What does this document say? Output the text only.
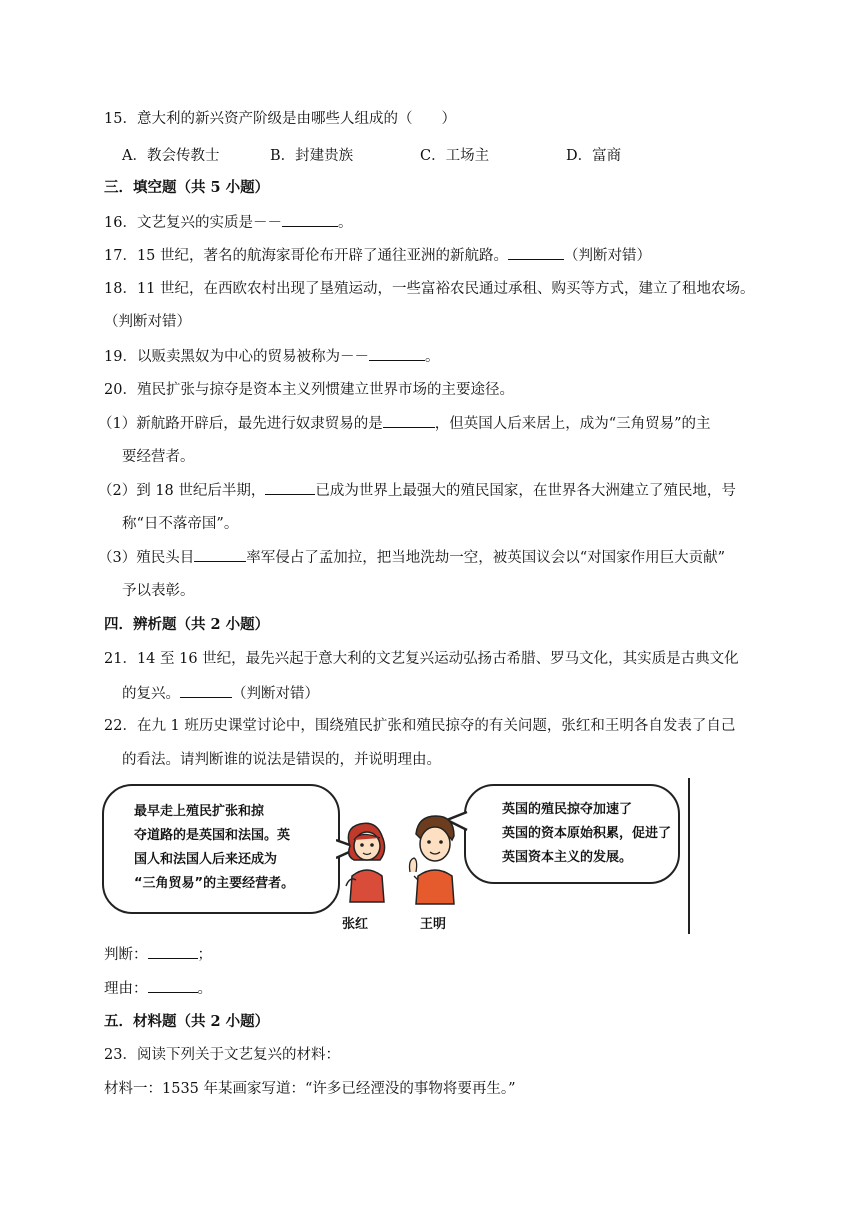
15．意大利的新兴资产阶级是由哪些人组成的（　　）
A．教会传教士	B．封建贵族	C．工场主	D．富商
三．填空题（共 5 小题）
16．文艺复兴的实质是－－	。
17．15 世纪，著名的航海家哥伦布开辟了通往亚洲的新航路。	（判断对错）
18．11 世纪，在西欧农村出现了垦殖运动，一些富裕农民通过承租、购买等方式，建立了租地农场。
（判断对错）
19．以贩卖黑奴为中心的贸易被称为－－	。
20．殖民扩张与掠夺是资本主义列惯建立世界市场的主要途径。
（1）新航路开辟后，最先进行奴隶贸易的是	，但英国人后来居上，成为“三角贸易”的主
要经营者。
（2）到 18 世纪后半期，	已成为世界上最强大的殖民国家，在世界各大洲建立了殖民地，号
称“日不落帝国”。
（3）殖民头目	率军侵占了孟加拉，把当地洗劫一空，被英国议会以“对国家作用巨大贡献”
予以表彰。
四．辨析题（共 2 小题）
21．14 至 16 世纪，最先兴起于意大利的文艺复兴运动弘扬古希腊、罗马文化，其实质是古典文化
的复兴。	（判断对错）
22．在九 1 班历史课堂讨论中，围绕殖民扩张和殖民掠夺的有关问题，张红和王明各自发表了自己
的看法。请判断谁的说法是错误的，并说明理由。

最早走上殖民扩张和掠

夺道路的是英国和法国。英

国人和法国人后来还成为

“三角贸易”的主要经营者。

英国的殖民掠夺加速了

英国的资本原始积累，促进了

英国资本主义的发展。

张红	王明
判断：	；
理由：	。
五．材料题（共 2 小题）
23．阅读下列关于文艺复兴的材料：
材料一：1535 年某画家写道：“许多已经湮没的事物将要再生。”
